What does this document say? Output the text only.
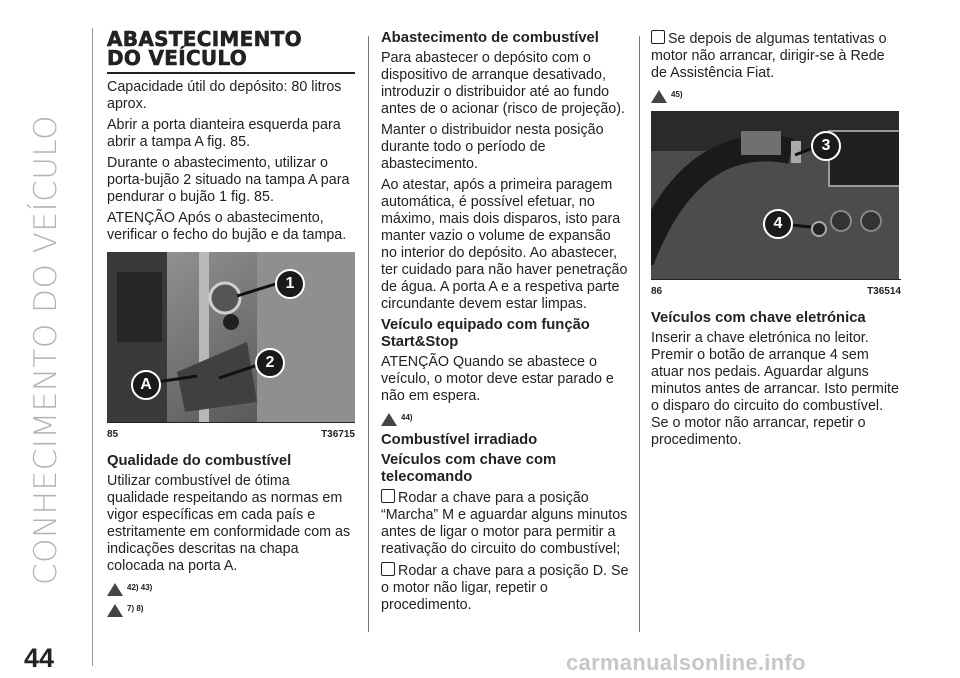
CONHECIMENTO DO VEÍCULO
44	carmanualsonline.info
ABASTECIMENTO
DO VEÍCULO

Capacidade útil do depósito: 80 litros aprox.

Abrir a porta dianteira esquerda para abrir a tampa A fig. 85.

Durante o abastecimento, utilizar o porta-bujão 2 situado na tampa A para pendurar o bujão 1 fig. 85.

ATENÇÃO Após o abastecimento, verificar o fecho do bujão e da tampa.

1
2
A
85	T36715
Qualidade do combustível

Utilizar combustível de ótima qualidade respeitando as normas em vigor específicas em cada país e estritamente em conformidade com as indicações descritas na chapa colocada na porta A.

42) 43)
7) 8)
Abastecimento de combustível

Para abastecer o depósito com o dispositivo de arranque desativado, introduzir o distribuidor até ao fundo antes de o acionar (risco de projeção).

Manter o distribuidor nesta posição durante todo o período de abastecimento.

Ao atestar, após a primeira paragem automática, é possível efetuar, no máximo, mais dois disparos, isto para manter vazio o volume de expansão no interior do depósito. Ao abastecer, ter cuidado para não haver penetração de água. A porta A e a respetiva parte circundante devem estar limpas.

Veículo equipado com função Start&Stop

ATENÇÃO Quando se abastece o veículo, o motor deve estar parado e não em espera.

44)
Combustível irradiado
Veículos com chave com telecomando

Rodar a chave para a posição “Marcha” M e aguardar alguns minutos antes de ligar o motor para permitir a reativação do circuito do combustível;

Rodar a chave para a posição D. Se o motor não ligar, repetir o procedimento.

Se depois de algumas tentativas o motor não arrancar, dirigir-se à Rede de Assistência Fiat.

45)
3
4
86	T36514
Veículos com chave eletrónica

Inserir a chave eletrónica no leitor. Premir o botão de arranque 4 sem atuar nos pedais. Aguardar alguns minutos antes de arrancar. Isto permite o disparo do circuito do combustível. Se o motor não arrancar, repetir o procedimento.
